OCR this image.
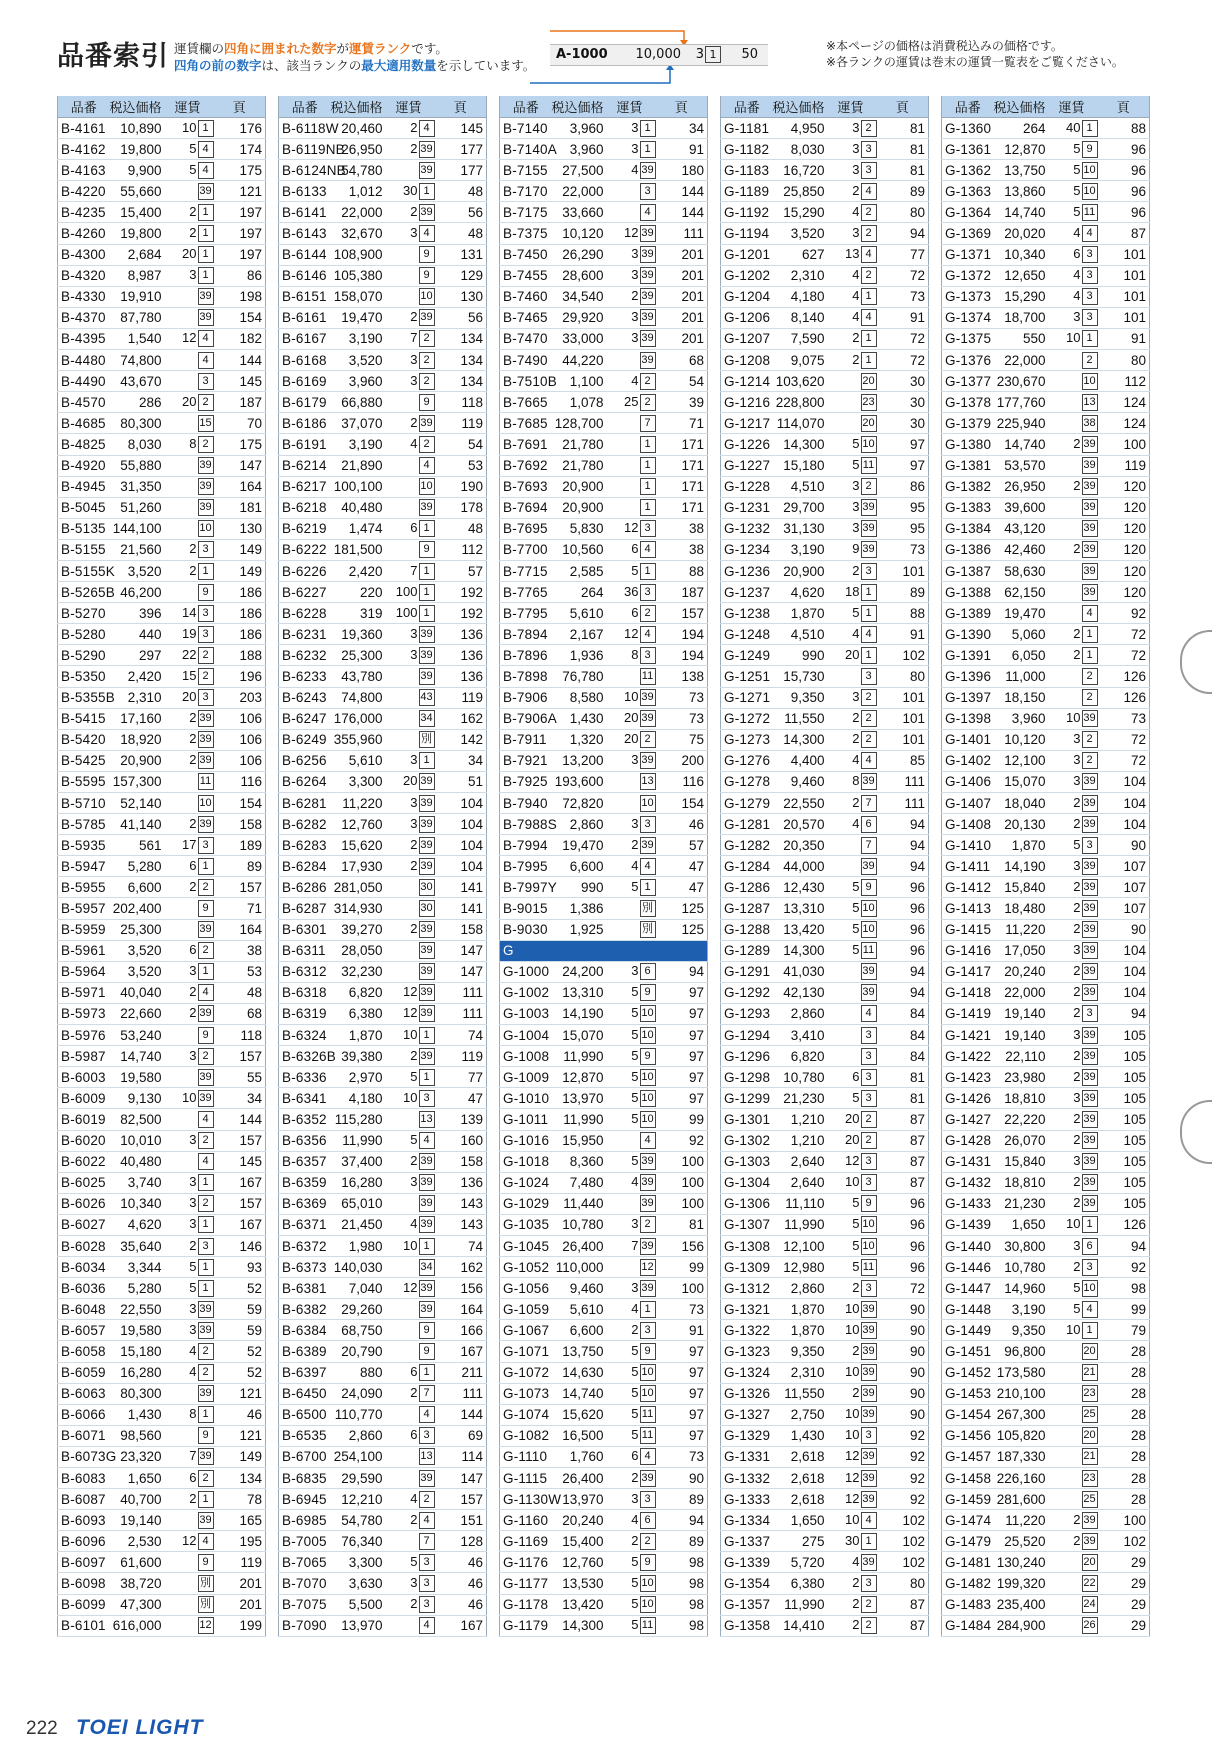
品番索引 運賃欄の四角に囲まれた数字が運賃ランクです。
四角の前の数字は、該当ランクの最大適用数量を示しています。
A-1000	10,000	3 1	50
※本ページの価格は消費税込みの価格です。
※各ランクの運賃は巻末の運賃一覧表をご覧ください。
品番	税込価格	運賃	頁
B-4161	10,890	10 1	176
B-4162	19,800	5 4	174
B-4163	9,900	5 4	175
B-4220	55,660	39	121
B-4235	15,400	2 1	197
B-4260	19,800	2 1	197
B-4300	2,684	20 1	197
B-4320	8,987	3 1	86
B-4330	19,910	39	198
B-4370	87,780	39	154
B-4395	1,540	12 4	182
B-4480	74,800	4	144
B-4490	43,670	3	145
B-4570	286	20 2	187
B-4685	80,300	15	70
B-4825	8,030	8 2	175
B-4920	55,880	39	147
B-4945	31,350	39	164
B-5045	51,260	39	181
B-5135	144,100	10	130
B-5155	21,560	2 3	149
B-5155K	3,520	2 1	149
B-5265B	46,200	9	186
B-5270	396	14 3	186
B-5280	440	19 3	186
B-5290	297	22 2	188
B-5350	2,420	15 2	196
B-5355B	2,310	20 3	203
B-5415	17,160	2 39	106
B-5420	18,920	2 39	106
B-5425	20,900	2 39	106
B-5595	157,300	11	116
B-5710	52,140	10	154
B-5785	41,140	2 39	158
B-5935	561	17 3	189
B-5947	5,280	6 1	89
B-5955	6,600	2 2	157
B-5957	202,400	9	71
B-5959	25,300	39	164
B-5961	3,520	6 2	38
B-5964	3,520	3 1	53
B-5971	40,040	2 4	48
B-5973	22,660	2 39	68
B-5976	53,240	9	118
B-5987	14,740	3 2	157
B-6003	19,580	39	55
B-6009	9,130	10 39	34
B-6019	82,500	4	144
B-6020	10,010	3 2	157
B-6022	40,480	4	145
B-6025	3,740	3 1	167
B-6026	10,340	3 2	157
B-6027	4,620	3 1	167
B-6028	35,640	2 3	146
B-6034	3,344	5 1	93
B-6036	5,280	5 1	52
B-6048	22,550	3 39	59
B-6057	19,580	3 39	59
B-6058	15,180	4 2	52
B-6059	16,280	4 2	52
B-6063	80,300	39	121
B-6066	1,430	8 1	46
B-6071	98,560	9	121
B-6073G	23,320	7 39	149
B-6083	1,650	6 2	134
B-6087	40,700	2 1	78
B-6093	19,140	39	165
B-6096	2,530	12 4	195
B-6097	61,600	9	119
B-6098	38,720	別	201
B-6099	47,300	別	201
B-6101	616,000	12	199
品番	税込価格	運賃	頁
B-6118W	20,460	2 4	145
B-6119NB	26,950	2 39	177
B-6124NB	54,780	39	177
B-6133	1,012	30 1	48
B-6141	22,000	2 39	56
B-6143	32,670	3 4	48
B-6144	108,900	9	131
B-6146	105,380	9	129
B-6151	158,070	10	130
B-6161	19,470	2 39	56
B-6167	3,190	7 2	134
B-6168	3,520	3 2	134
B-6169	3,960	3 2	134
B-6179	66,880	9	118
B-6186	37,070	2 39	119
B-6191	3,190	4 2	54
B-6214	21,890	4	53
B-6217	100,100	10	190
B-6218	40,480	39	178
B-6219	1,474	6 1	48
B-6222	181,500	9	112
B-6226	2,420	7 1	57
B-6227	220	100 1	192
B-6228	319	100 1	192
B-6231	19,360	3 39	136
B-6232	25,300	3 39	136
B-6233	43,780	39	136
B-6243	74,800	43	119
B-6247	176,000	34	162
B-6249	355,960	別	142
B-6256	5,610	3 1	34
B-6264	3,300	20 39	51
B-6281	11,220	3 39	104
B-6282	12,760	3 39	104
B-6283	15,620	2 39	104
B-6284	17,930	2 39	104
B-6286	281,050	30	141
B-6287	314,930	30	141
B-6301	39,270	2 39	158
B-6311	28,050	39	147
B-6312	32,230	39	147
B-6318	6,820	12 39	111
B-6319	6,380	12 39	111
B-6324	1,870	10 1	74
B-6326B	39,380	2 39	119
B-6336	2,970	5 1	77
B-6341	4,180	10 3	47
B-6352	115,280	13	139
B-6356	11,990	5 4	160
B-6357	37,400	2 39	158
B-6359	16,280	3 39	136
B-6369	65,010	39	143
B-6371	21,450	4 39	143
B-6372	1,980	10 1	74
B-6373	140,030	34	162
B-6381	7,040	12 39	156
B-6382	29,260	39	164
B-6384	68,750	9	166
B-6389	20,790	9	167
B-6397	880	6 1	211
B-6450	24,090	2 7	111
B-6500	110,770	4	144
B-6535	2,860	6 3	69
B-6700	254,100	13	114
B-6835	29,590	39	147
B-6945	12,210	4 2	157
B-6985	54,780	2 4	151
B-7005	76,340	7	128
B-7065	3,300	5 3	46
B-7070	3,630	3 3	46
B-7075	5,500	2 3	46
B-7090	13,970	4	167
品番	税込価格	運賃	頁
B-7140	3,960	3 1	34
B-7140A	3,960	3 1	91
B-7155	27,500	4 39	180
B-7170	22,000	3	144
B-7175	33,660	4	144
B-7375	10,120	12 39	111
B-7450	26,290	3 39	201
B-7455	28,600	3 39	201
B-7460	34,540	2 39	201
B-7465	29,920	3 39	201
B-7470	33,000	3 39	201
B-7490	44,220	39	68
B-7510B	1,100	4 2	54
B-7665	1,078	25 2	39
B-7685	128,700	7	71
B-7691	21,780	1	171
B-7692	21,780	1	171
B-7693	20,900	1	171
B-7694	20,900	1	171
B-7695	5,830	12 3	38
B-7700	10,560	6 4	38
B-7715	2,585	5 1	88
B-7765	264	36 3	187
B-7795	5,610	6 2	157
B-7894	2,167	12 4	194
B-7896	1,936	8 3	194
B-7898	76,780	11	138
B-7906	8,580	10 39	73
B-7906A	1,430	20 39	73
B-7911	1,320	20 2	75
B-7921	13,200	3 39	200
B-7925	193,600	13	116
B-7940	72,820	10	154
B-7988S	2,860	3 3	46
B-7994	19,470	2 39	57
B-7995	6,600	4 4	47
B-7997Y	990	5 1	47
B-9015	1,386	別	125
B-9030	1,925	別	125
G			
G-1000	24,200	3 6	94
G-1002	13,310	5 9	97
G-1003	14,190	5 10	97
G-1004	15,070	5 10	97
G-1008	11,990	5 9	97
G-1009	12,870	5 10	97
G-1010	13,970	5 10	97
G-1011	11,990	5 10	99
G-1016	15,950	4	92
G-1018	8,360	5 39	100
G-1024	7,480	4 39	100
G-1029	11,440	39	100
G-1035	10,780	3 2	81
G-1045	26,400	7 39	156
G-1052	110,000	12	99
G-1056	9,460	3 39	100
G-1059	5,610	4 1	73
G-1067	6,600	2 3	91
G-1071	13,750	5 9	97
G-1072	14,630	5 10	97
G-1073	14,740	5 10	97
G-1074	15,620	5 11	97
G-1082	16,500	5 11	97
G-1110	1,760	6 4	73
G-1115	26,400	2 39	90
G-1130W	13,970	3 3	89
G-1160	20,240	4 6	94
G-1169	15,400	2 2	89
G-1176	12,760	5 9	98
G-1177	13,530	5 10	98
G-1178	13,420	5 10	98
G-1179	14,300	5 11	98
品番	税込価格	運賃	頁
G-1181	4,950	3 2	81
G-1182	8,030	3 3	81
G-1183	16,720	3 3	81
G-1189	25,850	2 4	89
G-1192	15,290	4 2	80
G-1194	3,520	3 2	94
G-1201	627	13 4	77
G-1202	2,310	4 2	72
G-1204	4,180	4 1	73
G-1206	8,140	4 4	91
G-1207	7,590	2 1	72
G-1208	9,075	2 1	72
G-1214	103,620	20	30
G-1216	228,800	23	30
G-1217	114,070	20	30
G-1226	14,300	5 10	97
G-1227	15,180	5 11	97
G-1228	4,510	3 2	86
G-1231	29,700	3 39	95
G-1232	31,130	3 39	95
G-1234	3,190	9 39	73
G-1236	20,900	2 3	101
G-1237	4,620	18 1	89
G-1238	1,870	5 1	88
G-1248	4,510	4 4	91
G-1249	990	20 1	102
G-1251	15,730	3	80
G-1271	9,350	3 2	101
G-1272	11,550	2 2	101
G-1273	14,300	2 2	101
G-1276	4,400	4 4	85
G-1278	9,460	8 39	111
G-1279	22,550	2 7	111
G-1281	20,570	4 6	94
G-1282	20,350	7	94
G-1284	44,000	39	94
G-1286	12,430	5 9	96
G-1287	13,310	5 10	96
G-1288	13,420	5 10	96
G-1289	14,300	5 11	96
G-1291	41,030	39	94
G-1292	42,130	39	94
G-1293	2,860	4	84
G-1294	3,410	3	84
G-1296	6,820	3	84
G-1298	10,780	6 3	81
G-1299	21,230	5 3	81
G-1301	1,210	20 2	87
G-1302	1,210	20 2	87
G-1303	2,640	12 3	87
G-1304	2,640	10 3	87
G-1306	11,110	5 9	96
G-1307	11,990	5 10	96
G-1308	12,100	5 10	96
G-1309	12,980	5 11	96
G-1312	2,860	2 3	72
G-1321	1,870	10 39	90
G-1322	1,870	10 39	90
G-1323	9,350	2 39	90
G-1324	2,310	10 39	90
G-1326	11,550	2 39	90
G-1327	2,750	10 39	90
G-1329	1,430	10 3	92
G-1331	2,618	12 39	92
G-1332	2,618	12 39	92
G-1333	2,618	12 39	92
G-1334	1,650	10 4	102
G-1337	275	30 1	102
G-1339	5,720	4 39	102
G-1354	6,380	2 3	80
G-1357	11,990	2 2	87
G-1358	14,410	2 2	87
品番	税込価格	運賃	頁
G-1360	264	40 1	88
G-1361	12,870	5 9	96
G-1362	13,750	5 10	96
G-1363	13,860	5 10	96
G-1364	14,740	5 11	96
G-1369	20,020	4 4	87
G-1371	10,340	6 3	101
G-1372	12,650	4 3	101
G-1373	15,290	4 3	101
G-1374	18,700	3 3	101
G-1375	550	10 1	91
G-1376	22,000	2	80
G-1377	230,670	10	112
G-1378	177,760	13	124
G-1379	225,940	38	124
G-1380	14,740	2 39	100
G-1381	53,570	39	119
G-1382	26,950	2 39	120
G-1383	39,600	39	120
G-1384	43,120	39	120
G-1386	42,460	2 39	120
G-1387	58,630	39	120
G-1388	62,150	39	120
G-1389	19,470	4	92
G-1390	5,060	2 1	72
G-1391	6,050	2 1	72
G-1396	11,000	2	126
G-1397	18,150	2	126
G-1398	3,960	10 39	73
G-1401	10,120	3 2	72
G-1402	12,100	3 2	72
G-1406	15,070	3 39	104
G-1407	18,040	2 39	104
G-1408	20,130	2 39	104
G-1410	1,870	5 3	90
G-1411	14,190	3 39	107
G-1412	15,840	2 39	107
G-1413	18,480	2 39	107
G-1415	11,220	2 39	90
G-1416	17,050	3 39	104
G-1417	20,240	2 39	104
G-1418	22,000	2 39	104
G-1419	19,140	2 3	94
G-1421	19,140	3 39	105
G-1422	22,110	2 39	105
G-1423	23,980	2 39	105
G-1426	18,810	3 39	105
G-1427	22,220	2 39	105
G-1428	26,070	2 39	105
G-1431	15,840	3 39	105
G-1432	18,810	2 39	105
G-1433	21,230	2 39	105
G-1439	1,650	10 1	126
G-1440	30,800	3 6	94
G-1446	10,780	2 3	92
G-1447	14,960	5 10	98
G-1448	3,190	5 4	99
G-1449	9,350	10 1	79
G-1451	96,800	20	28
G-1452	173,580	21	28
G-1453	210,100	23	28
G-1454	267,300	25	28
G-1456	105,820	20	28
G-1457	187,330	21	28
G-1458	226,160	23	28
G-1459	281,600	25	28
G-1474	11,220	2 39	100
G-1479	25,520	2 39	102
G-1481	130,240	20	29
G-1482	199,320	22	29
G-1483	235,400	24	29
G-1484	284,900	26	29
222 TOEI LIGHT
